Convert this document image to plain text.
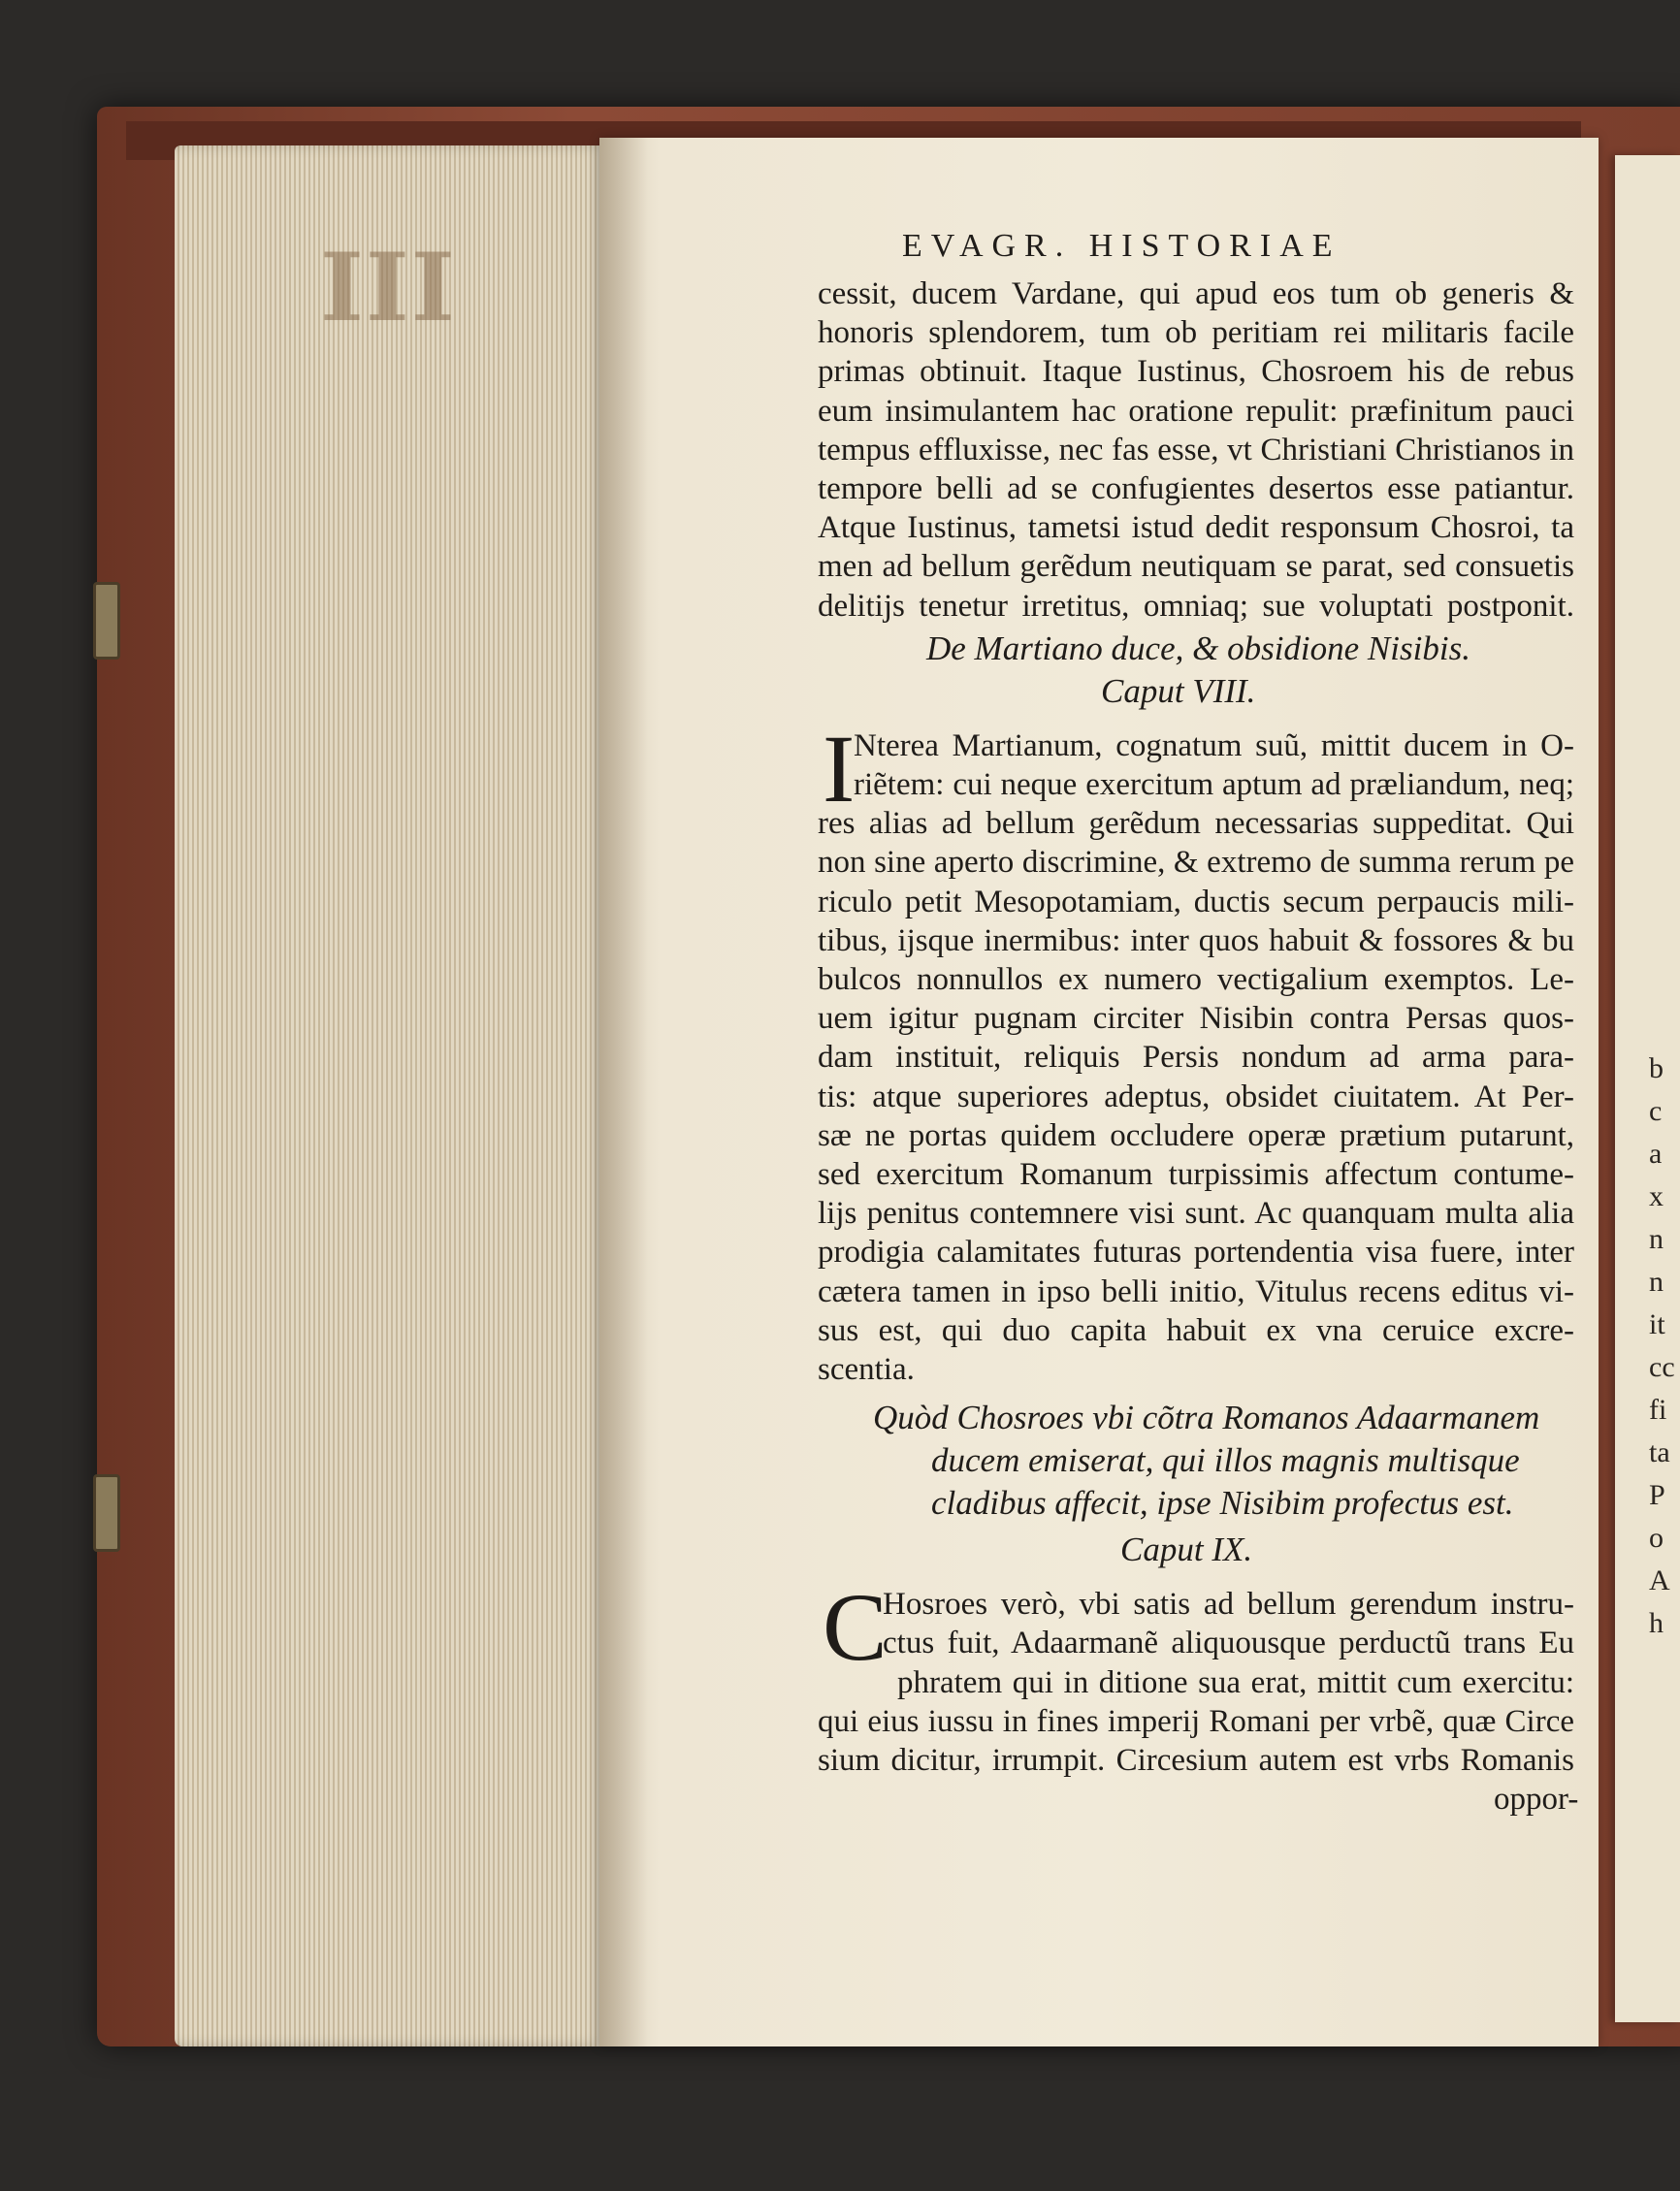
III
b
c
a
x
n
n
it
cc
fi
ta
P
o
A
h
EVAGR. HISTORIAE
cessit, ducem Vardane, qui apud eos tum ob generis &
honoris splendorem, tum ob peritiam rei militaris facile
primas obtinuit. Itaque Iustinus, Chosroem his de rebus
eum insimulantem hac oratione repulit: præfinitum pauci
tempus effluxisse, nec fas esse, vt Christiani Christianos in
tempore belli ad se confugientes desertos esse patiantur.
Atque Iustinus, tametsi istud dedit responsum Chosroi, ta
men ad bellum gerẽdum neutiquam se parat, sed consuetis
delitijs tenetur irretitus, omniaq; sue voluptati postponit.
De Martiano duce, & obsidione Nisibis.
Caput VIII.
I
Nterea Martianum, cognatum suũ, mittit ducem in O-
riẽtem: cui neque exercitum aptum ad præliandum, neq;
res alias ad bellum gerẽdum necessarias suppeditat. Qui
non sine aperto discrimine, & extremo de summa rerum pe
riculo petit Mesopotamiam, ductis secum perpaucis mili-
tibus, ijsque inermibus: inter quos habuit & fossores & bu
bulcos nonnullos ex numero vectigalium exemptos. Le-
uem igitur pugnam circiter Nisibin contra Persas quos-
dam instituit, reliquis Persis nondum ad arma para-
tis: atque superiores adeptus, obsidet ciuitatem. At Per-
sæ ne portas quidem occludere operæ prætium putarunt,
sed exercitum Romanum turpissimis affectum contume-
lijs penitus contemnere visi sunt. Ac quanquam multa alia
prodigia calamitates futuras portendentia visa fuere, inter
cætera tamen in ipso belli initio, Vitulus recens editus vi-
sus est, qui duo capita habuit ex vna ceruice excre-
scentia.
Quòd Chosroes vbi cõtra Romanos Adaarmanem
ducem emiserat, qui illos magnis multisque
cladibus affecit, ipse Nisibim profectus est.
Caput IX.
C
Hosroes verò, vbi satis ad bellum gerendum instru-
ctus fuit, Adaarmanẽ aliquousque perductũ trans Eu
phratem qui in ditione sua erat, mittit cum exercitu:
qui eius iussu in fines imperij Romani per vrbẽ, quæ Circe
sium dicitur, irrumpit. Circesium autem est vrbs Romanis
oppor-
